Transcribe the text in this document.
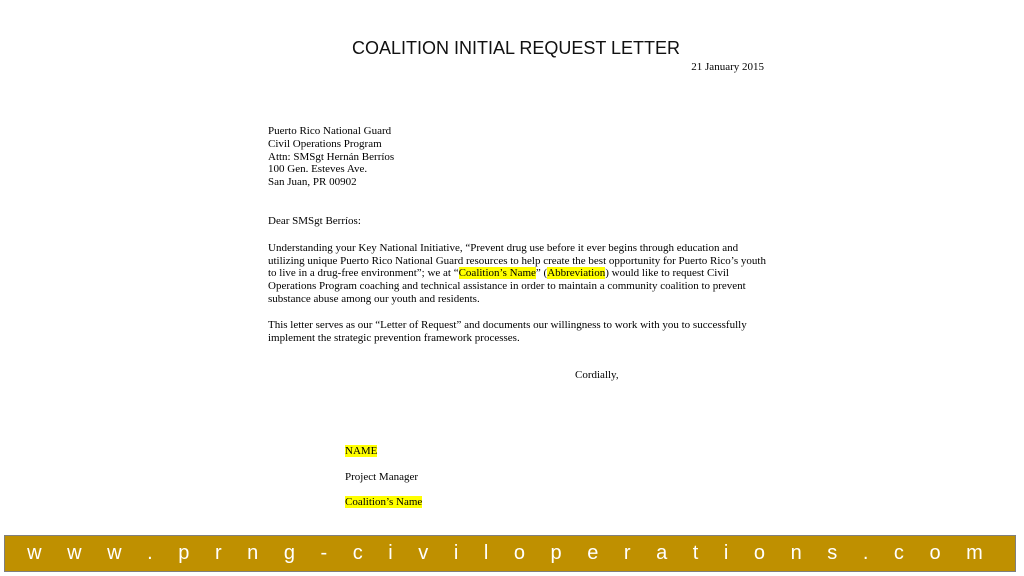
COALITION INITIAL REQUEST LETTER
21 January 2015
Puerto Rico National Guard
Civil Operations Program
Attn: SMSgt Hernán Berríos
100 Gen. Esteves Ave.
San Juan, PR 00902

Dear SMSgt Berríos:

Understanding your Key National Initiative, “Prevent drug use before it ever begins through education and utilizing unique Puerto Rico National Guard resources to help create the best opportunity for Puerto Rico’s youth to live in a drug-free environment”; we at “Coalition’s Name” (Abbreviation) would like to request Civil Operations Program coaching and technical assistance in order to maintain a community coalition to prevent substance abuse among our youth and residents.

This letter serves as our “Letter of Request” and documents our willingness to work with you to successfully implement the strategic prevention framework processes.

Cordially,
NAME
Project Manager
Coalition’s Name
w w w . p r n g - c i v i l o p e r a t i o n s . c o m
